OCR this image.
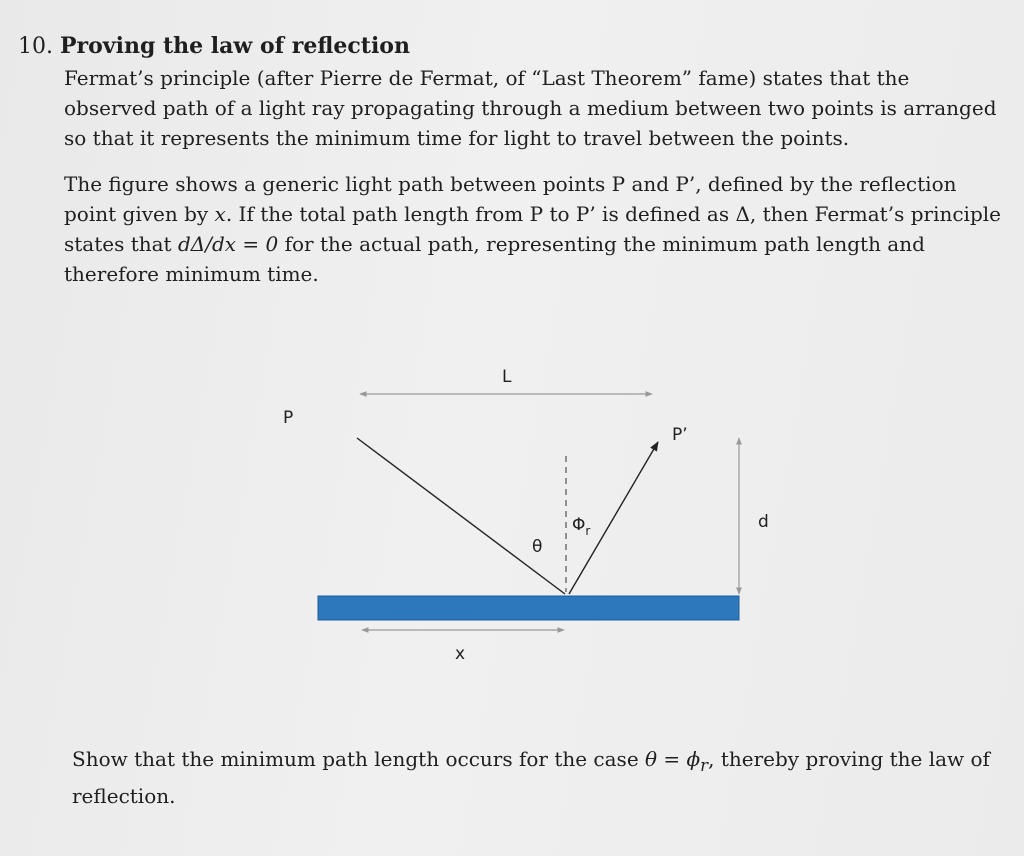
10. Proving the law of reflection

Fermat’s principle (after Pierre de Fermat, of “Last Theorem” fame) states that the observed path of a light ray propagating through a medium between two points is arranged so that it represents the minimum time for light to travel between the points.

The figure shows a generic light path between points P and P’, defined by the reflection point given by x. If the total path length from P to P’ is defined as Δ, then Fermat’s principle states that dΔ/dx = 0 for the actual path, representing the minimum path length and therefore minimum time.

L
P
P’
θ
$\Phi_r$	d
x

Show that the minimum path length occurs for the case $\theta = \phi_r$, thereby proving the law of reflection.
